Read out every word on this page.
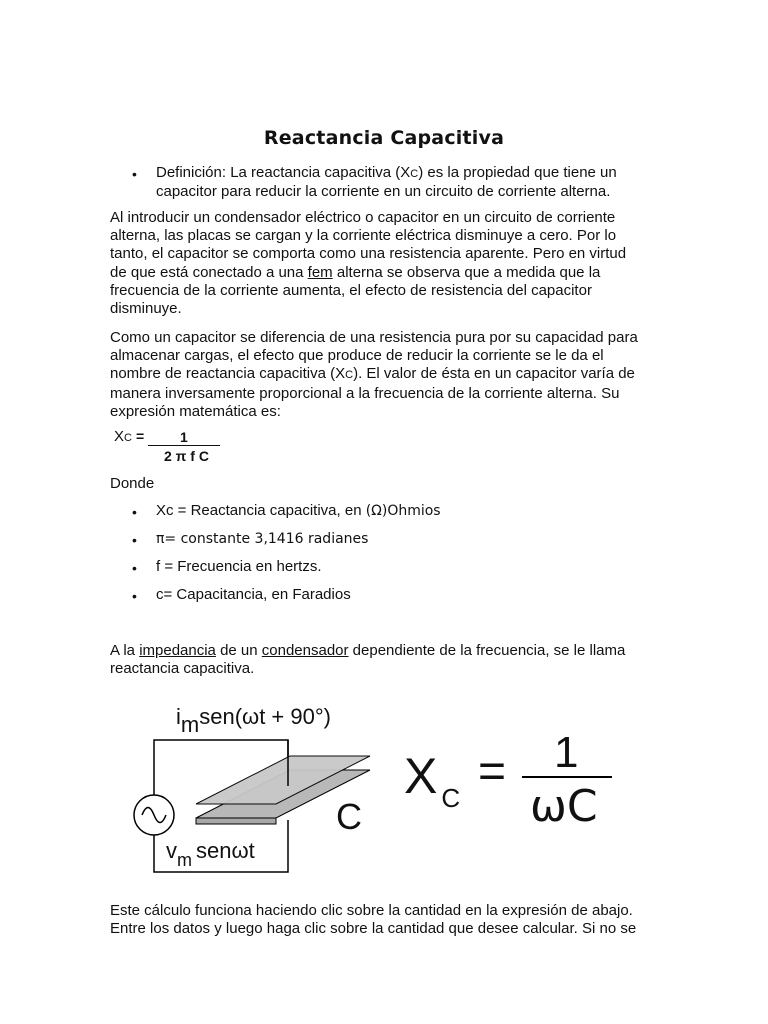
Reactancia Capacitiva
• Definición: La reactancia capacitiva (XC) es la propiedad que tiene un
capacitor para reducir la corriente en un circuito de corriente alterna.
Al introducir un condensador eléctrico o capacitor en un circuito de corriente
alterna, las placas se cargan y la corriente eléctrica disminuye a cero. Por lo
tanto, el capacitor se comporta como una resistencia aparente. Pero en virtud
de que está conectado a una fem alterna se observa que a medida que la
frecuencia de la corriente aumenta, el efecto de resistencia del capacitor
disminuye.
Como un capacitor se diferencia de una resistencia pura por su capacidad para
almacenar cargas, el efecto que produce de reducir la corriente se le da el
nombre de reactancia capacitiva (XC). El valor de ésta en un capacitor varía de
manera inversamente proporcional a la frecuencia de la corriente alterna. Su
expresión matemática es:
XC =	1
2 π f C
Donde
• Xc = Reactancia capacitiva, en (Ω)Ohmios
• π= constante 3,1416 radianes
• f = Frecuencia en hertzs.
• c= Capacitancia, en Faradios
A la impedancia de un condensador dependiente de la frecuencia, se le llama
reactancia capacitiva.
imsen(ωt + 90°)
$v_m$ senωt
C
X $_C$ = 1
ωC
Este cálculo funciona haciendo clic sobre la cantidad en la expresión de abajo.
Entre los datos y luego haga clic sobre la cantidad que desee calcular. Si no se
